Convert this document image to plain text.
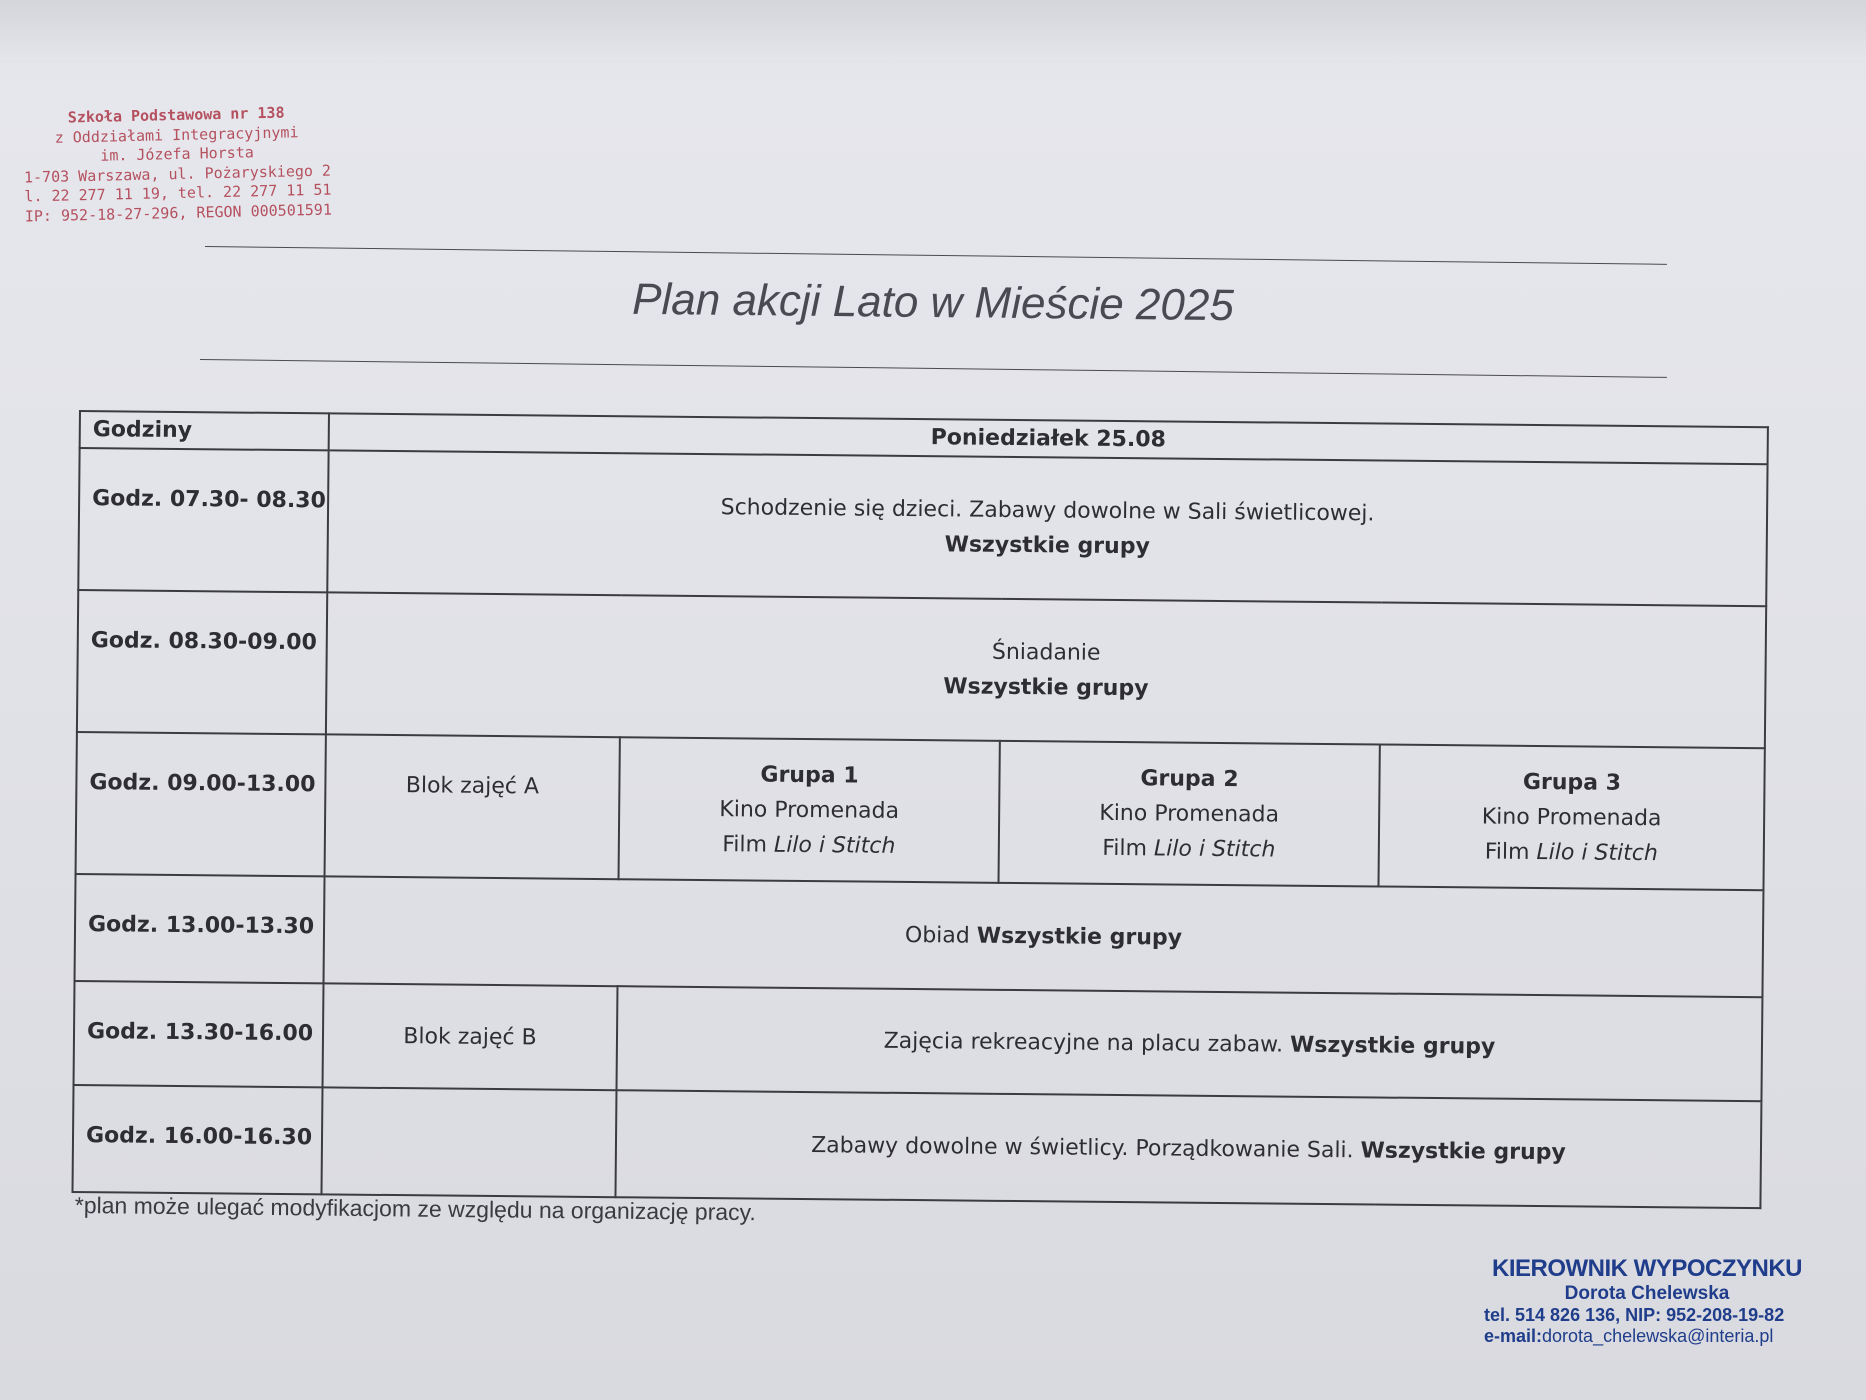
Szkoła Podstawowa nr 138
z Oddziałami Integracyjnymi
im. Józefa Horsta
1-703 Warszawa, ul. Pożaryskiego 2
l. 22 277 11 19, tel. 22 277 11 51
IP: 952-18-27-296, REGON 000501591
Plan akcji Lato w Mieście 2025
Godziny	Poniedziałek 25.08			
Godz. 07.30- 08.30	Schodzenie się dzieci. Zabawy dowolne w Sali świetlicowej.
Wszystkie grupy			
Godz. 08.30-09.00	Śniadanie
Wszystkie grupy			
Godz. 09.00-13.00	Blok zajęć A	Grupa 1
Kino Promenada
Film Lilo i Stitch	Grupa 2
Kino Promenada
Film Lilo i Stitch	Grupa 3
Kino Promenada
Film Lilo i Stitch
Godz. 13.00-13.30	Obiad Wszystkie grupy			
Godz. 13.30-16.00	Blok zajęć B	Zajęcia rekreacyjne na placu zabaw. Wszystkie grupy		
Godz. 16.00-16.30		Zabawy dowolne w świetlicy. Porządkowanie Sali. Wszystkie grupy		
*plan może ulegać modyfikacjom ze względu na organizację pracy.
KIEROWNIK WYPOCZYNKU
Dorota Chelewska
tel. 514 826 136, NIP: 952-208-19-82
e-mail:dorota_chelewska@interia.pl
